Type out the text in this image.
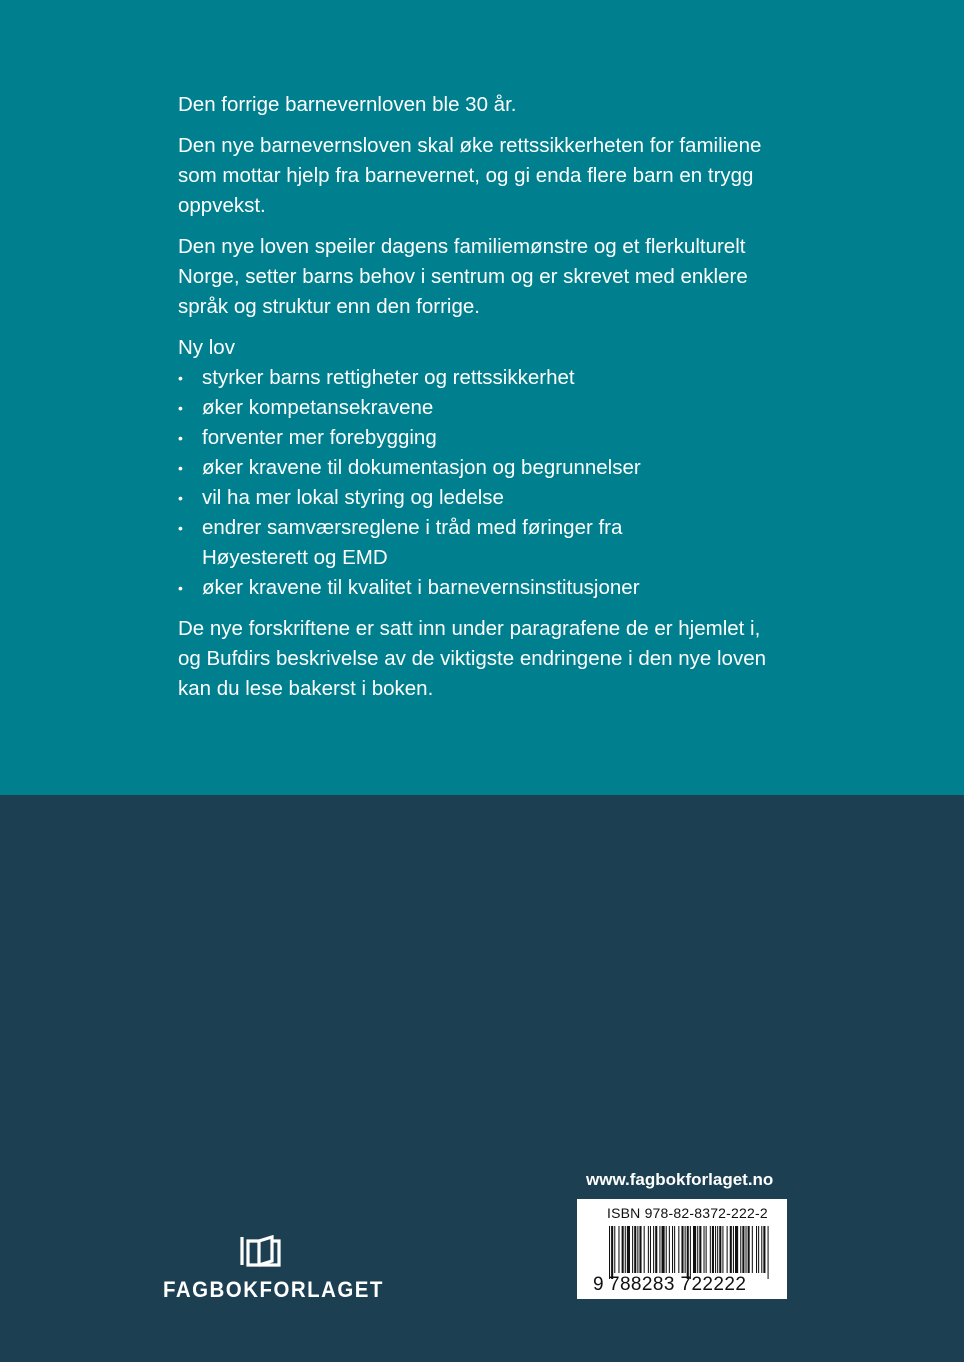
Den forrige barnevernloven ble 30 år.

Den nye barnevernsloven skal øke rettssikkerheten for familiene som mottar hjelp fra barnevernet, og gi enda flere barn en trygg oppvekst.

Den nye loven speiler dagens familiemønstre og et flerkulturelt Norge, setter barns behov i sentrum og er skrevet med enklere språk og struktur enn den forrige.

Ny lov
• styrker barns rettigheter og rettssikkerhet
• øker kompetansekravene
• forventer mer forebygging
• øker kravene til dokumentasjon og begrunnelser
• vil ha mer lokal styring og ledelse
• endrer samværsreglene i tråd med føringer fra Høyesterett og EMD
• øker kravene til kvalitet i barnevernsinstitusjoner

De nye forskriftene er satt inn under paragrafene de er hjemlet i, og Bufdirs beskrivelse av de viktigste endringene i den nye loven kan du lese bakerst i boken.

FAGBOKFORLAGET
www.fagbokforlaget.no
ISBN 978-82-8372-222-2
9 788283 722222
